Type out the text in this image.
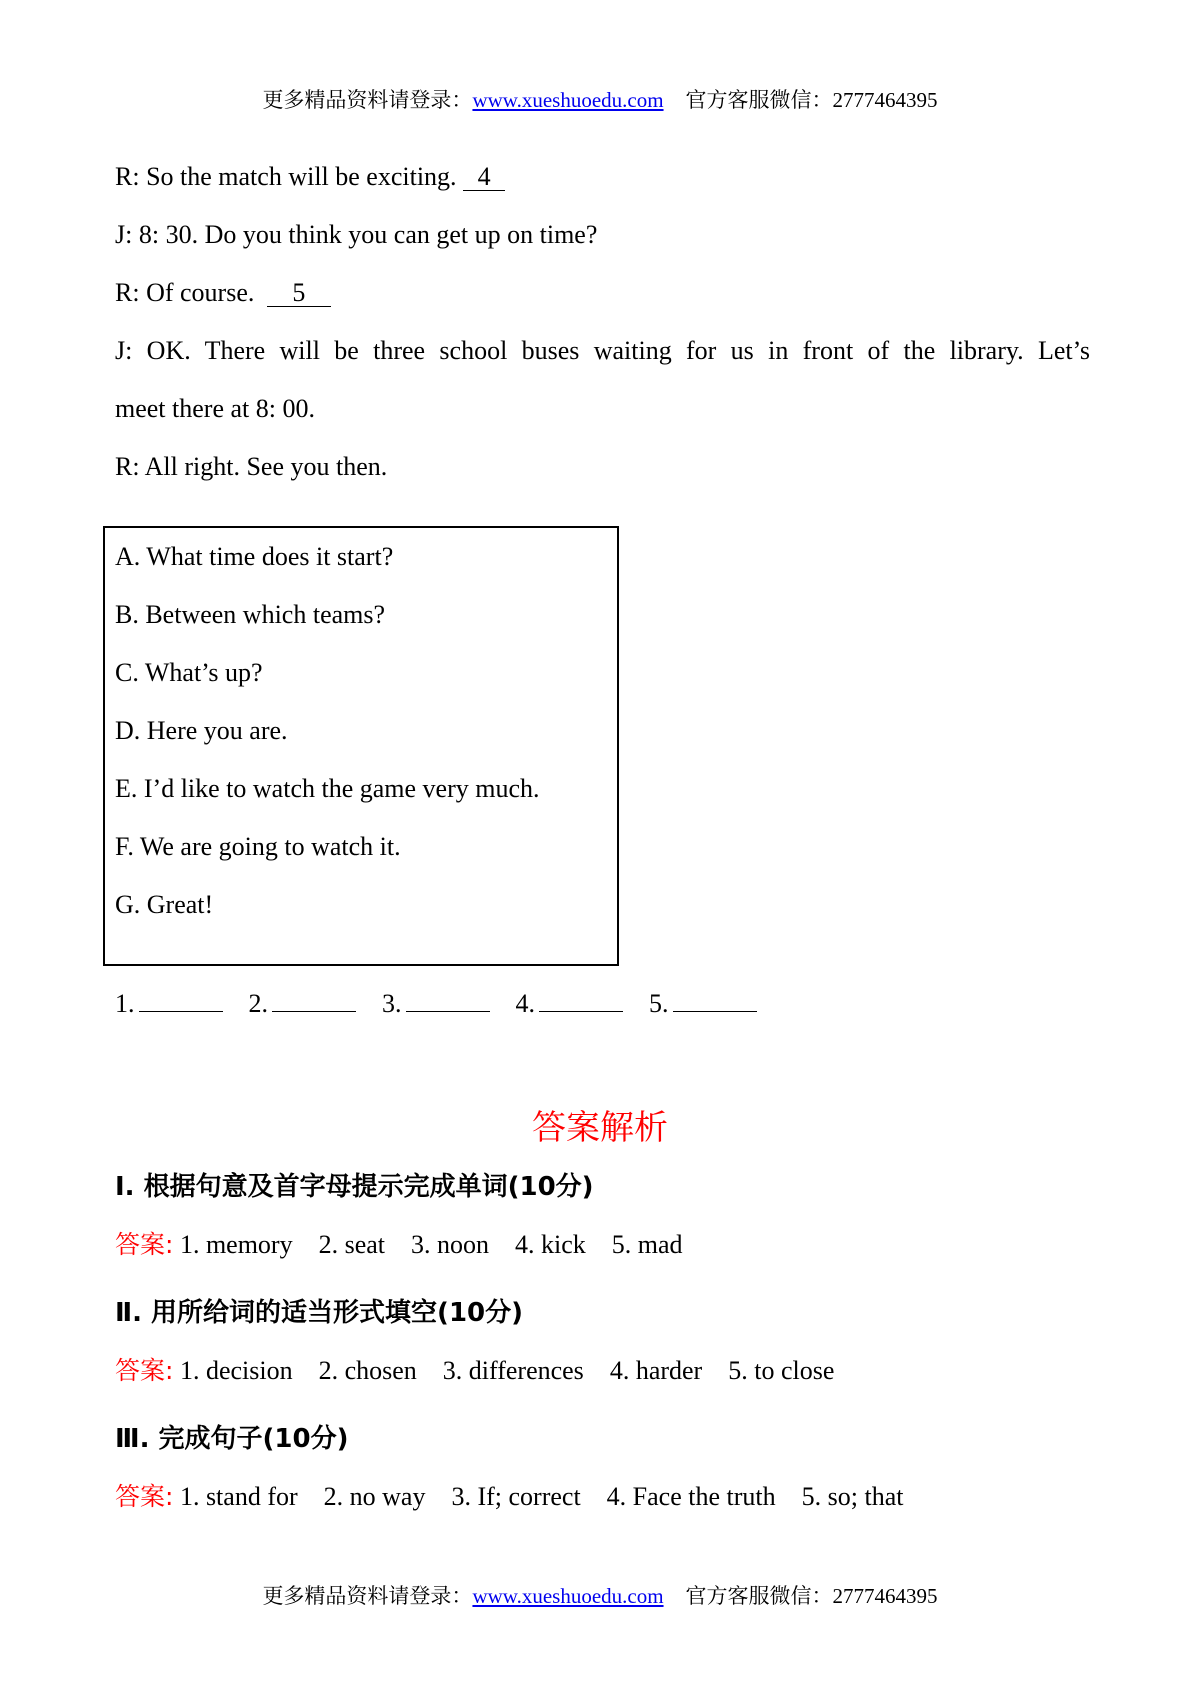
更多精品资料请登录：www.xueshuoedu.com 官方客服微信：2777464395
R: So the match will be exciting. 4
J: 8: 30. Do you think you can get up on time?
R: Of course. 5
J: OK. There will be three school buses waiting for us in front of the library. Let’s
meet there at 8: 00.
R: All right. See you then.
A. What time does it start?
B. Between which teams?
C. What’s up?
D. Here you are.
E. I’d like to watch the game very much.
F. We are going to watch it.
G. Great!
1.	2.	3.	4.	5.
答案解析
Ⅰ. 根据句意及首字母提示完成单词(10分)
答案: 1. memory 2. seat 3. noon 4. kick 5. mad
Ⅱ. 用所给词的适当形式填空(10分)
答案: 1. decision 2. chosen 3. differences 4. harder 5. to close
Ⅲ. 完成句子(10分)
答案: 1. stand for 2. no way 3. If; correct 4. Face the truth 5. so; that
更多精品资料请登录：www.xueshuoedu.com 官方客服微信：2777464395
